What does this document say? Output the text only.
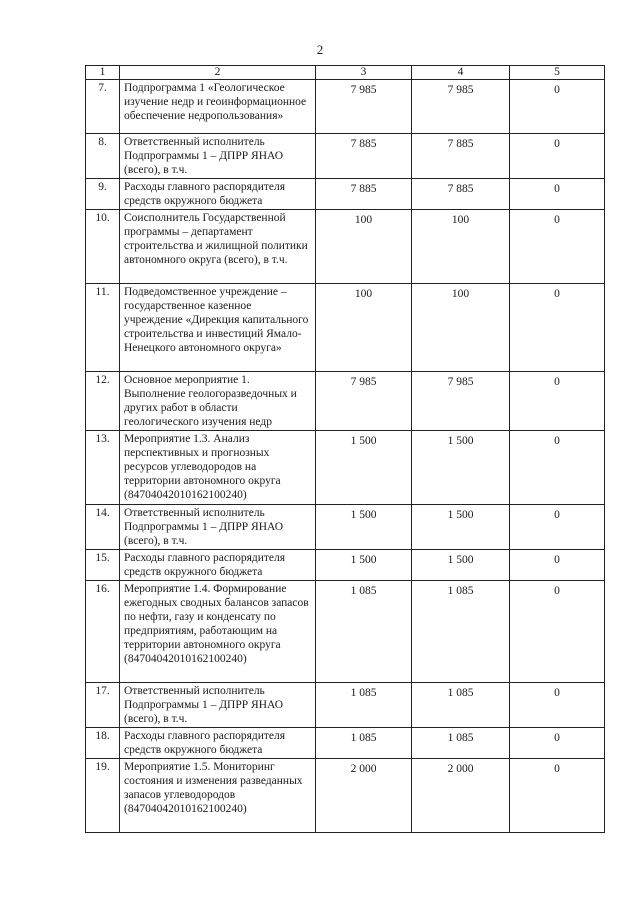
2
1	2	3	4	5
7.	Подпрограмма 1 «Геологическое изучение недр и геоинформационное обеспечение недропользования»	7 985	7 985	0
8.	Ответственный исполнитель Подпрограммы 1 – ДПРР ЯНАО (всего), в т.ч.	7 885	7 885	0
9.	Расходы главного распорядителя средств окружного бюджета	7 885	7 885	0
10.	Соисполнитель Государственной программы – департамент строительства и жилищной политики автономного округа (всего), в т.ч.	100	100	0
11.	Подведомственное учреждение – государственное казенное учреждение «Дирекция капитального строительства и инвестиций Ямало-Ненецкого автономного округа»	100	100	0
12.	Основное мероприятие 1. Выполнение геологоразведочных и других работ в области геологического изучения недр	7 985	7 985	0
13.	Мероприятие 1.3. Анализ перспективных и прогнозных ресурсов углеводородов на территории автономного округа (84704042010162100240)	1 500	1 500	0
14.	Ответственный исполнитель Подпрограммы 1 – ДПРР ЯНАО (всего), в т.ч.	1 500	1 500	0
15.	Расходы главного распорядителя средств окружного бюджета	1 500	1 500	0
16.	Мероприятие 1.4. Формирование ежегодных сводных балансов запасов по нефти, газу и конденсату по предприятиям, работающим на территории автономного округа (84704042010162100240)	1 085	1 085	0
17.	Ответственный исполнитель Подпрограммы 1 – ДПРР ЯНАО (всего), в т.ч.	1 085	1 085	0
18.	Расходы главного распорядителя средств окружного бюджета	1 085	1 085	0
19.	Мероприятие 1.5. Мониторинг состояния и изменения разведанных запасов углеводородов (84704042010162100240)	2 000	2 000	0
